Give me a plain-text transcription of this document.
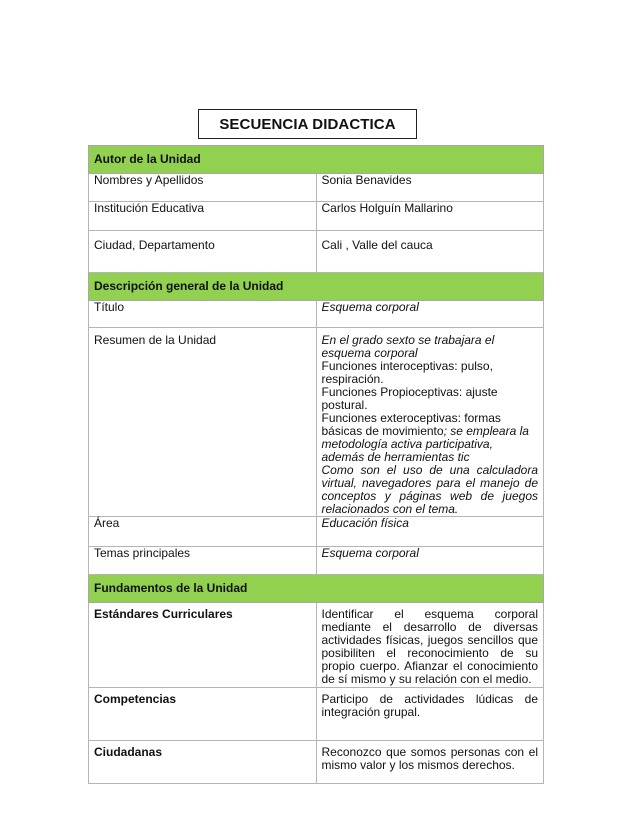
SECUENCIA DIDACTICA
Autor de la Unidad	
Nombres y Apellidos	Sonia Benavides
Institución Educativa	Carlos Holguín Mallarino
Ciudad, Departamento	Cali , Valle del cauca
Descripción general de la Unidad	
Título	Esquema corporal
Resumen de la Unidad	En el grado sexto se trabajara el esquema corporal

Funciones interoceptivas: pulso, respiración.

Funciones Propioceptivas: ajuste postural.

Funciones exteroceptivas: formas básicas de movimiento; se empleara la metodología activa participativa, además de herramientas tic

Como son el uso de una calculadora virtual, navegadores para el manejo de conceptos y páginas web de juegos relacionados con el tema.

Área	Educación física
Temas principales	Esquema corporal
Fundamentos de la Unidad	
Estándares Curriculares	Identificar el esquema corporal mediante el desarrollo de diversas actividades físicas, juegos sencillos que posibiliten el reconocimiento de su propio cuerpo. Afianzar el conocimiento de sí mismo y su relación con el medio.
Competencias	Participo de actividades lúdicas de integración grupal.
Ciudadanas	Reconozco que somos personas con el mismo valor y los mismos derechos.
